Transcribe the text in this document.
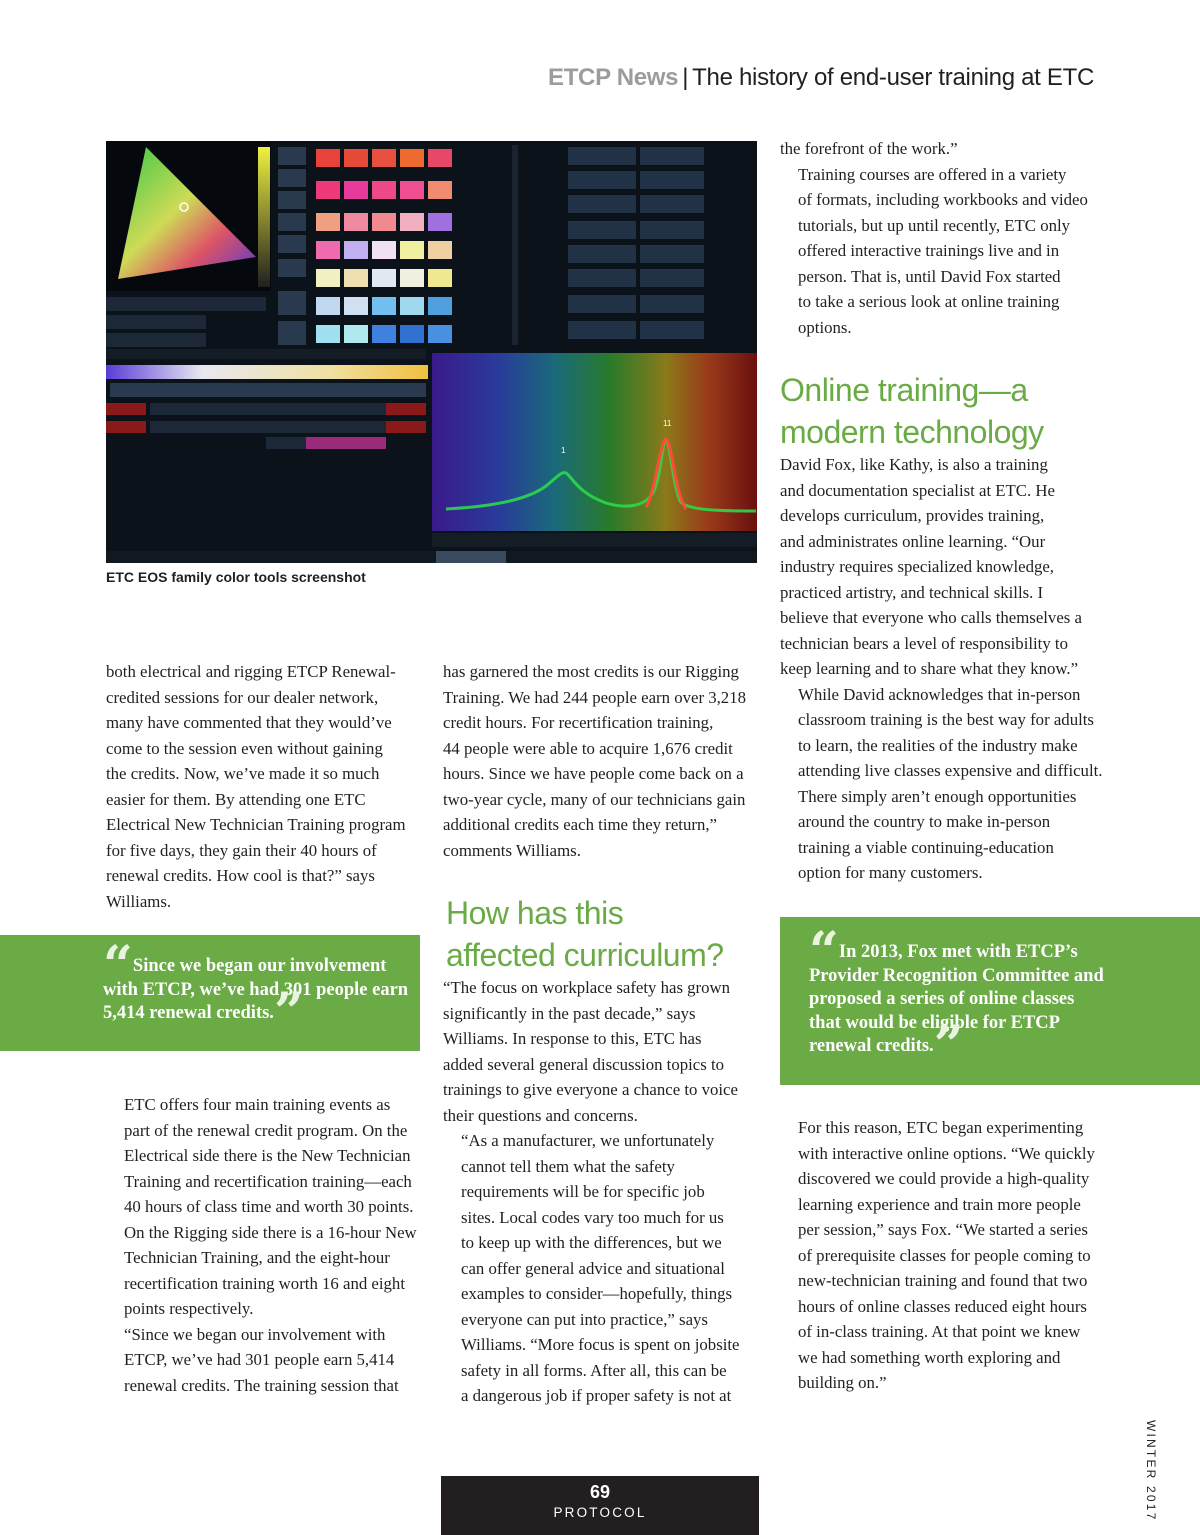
ETCP News | The history of end-user training at ETC
1
11
ETC EOS family color tools screenshot

both electrical and rigging ETCP Renewal-
credited sessions for our dealer network,
many have commented that they would’ve
come to the session even without gaining
the credits. Now, we’ve made it so much
easier for them. By attending one ETC
Electrical New Technician Training program
for five days, they gain their 40 hours of
renewal credits. How cool is that?” says
Williams.

“Since we began our involvement with ETCP, we’ve had 301 people earn 5,414 renewal credits.”

ETC offers four main training events as
part of the renewal credit program. On the
Electrical side there is the New Technician
Training and recertification training—each
40 hours of class time and worth 30 points.
On the Rigging side there is a 16-hour New
Technician Training, and the eight-hour
recertification training worth 16 and eight
points respectively.

“Since we began our involvement with
ETCP, we’ve had 301 people earn 5,414
renewal credits. The training session that

has garnered the most credits is our Rigging
Training. We had 244 people earn over 3,218
credit hours. For recertification training,
44 people were able to acquire 1,676 credit
hours. Since we have people come back on a
two-year cycle, many of our technicians gain
additional credits each time they return,”
comments Williams.

How has this
affected curriculum?

“The focus on workplace safety has grown
significantly in the past decade,” says
Williams. In response to this, ETC has
added several general discussion topics to
trainings to give everyone a chance to voice
their questions and concerns.

“As a manufacturer, we unfortunately
cannot tell them what the safety
requirements will be for specific job
sites. Local codes vary too much for us
to keep up with the differences, but we
can offer general advice and situational
examples to consider—hopefully, things
everyone can put into practice,” says
Williams. “More focus is spent on jobsite
safety in all forms. After all, this can be
a dangerous job if proper safety is not at

the forefront of the work.”

Training courses are offered in a variety
of formats, including workbooks and video
tutorials, but up until recently, ETC only
offered interactive trainings live and in
person. That is, until David Fox started
to take a serious look at online training
options.

Online training—a
modern technology

David Fox, like Kathy, is also a training
and documentation specialist at ETC. He
develops curriculum, provides training,
and administrates online learning. “Our
industry requires specialized knowledge,
practiced artistry, and technical skills. I
believe that everyone who calls themselves a
technician bears a level of responsibility to
keep learning and to share what they know.”

While David acknowledges that in-person
classroom training is the best way for adults
to learn, the realities of the industry make
attending live classes expensive and difficult.
There simply aren’t enough opportunities
around the country to make in-person
training a viable continuing-education
option for many customers.

“In 2013, Fox met with ETCP’s Provider Recognition Committee and proposed a series of online classes that would be eligible for ETCP renewal credits.”

For this reason, ETC began experimenting
with interactive online options. “We quickly
discovered we could provide a high-quality
learning experience and train more people
per session,” says Fox. “We started a series
of prerequisite classes for people coming to
new-technician training and found that two
hours of online classes reduced eight hours
of in-class training. At that point we knew
we had something worth exploring and
building on.”

69
PROTOCOL	WINTER 2017
